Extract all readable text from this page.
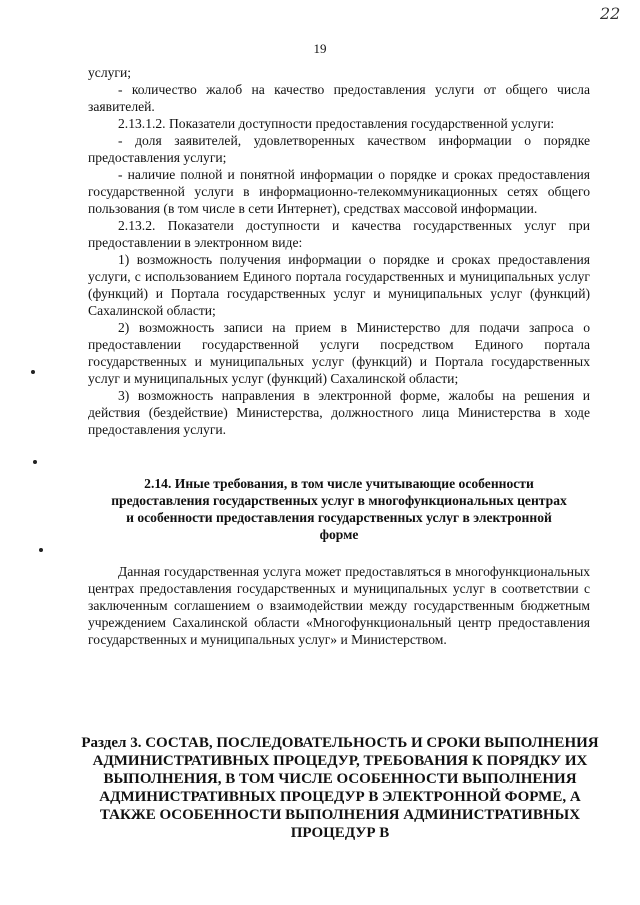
22
19

услуги;

- количество жалоб на качество предоставления услуги от общего числа заявителей.

2.13.1.2. Показатели доступности предоставления государственной услуги:

- доля заявителей, удовлетворенных качеством информации о порядке предоставления услуги;

- наличие полной и понятной информации о порядке и сроках предоставления государственной услуги в информационно-телекоммуникационных сетях общего пользования (в том числе в сети Интернет), средствах массовой информации.

2.13.2. Показатели доступности и качества государственных услуг при предоставлении в электронном виде:

1) возможность получения информации о порядке и сроках предоставления услуги, с использованием Единого портала государственных и муниципальных услуг (функций) и Портала государственных услуг и муниципальных услуг (функций) Сахалинской области;

2) возможность записи на прием в Министерство для подачи запроса о предоставлении государственной услуги посредством Единого портала государственных и муниципальных услуг (функций) и Портала государственных услуг и муниципальных услуг (функций) Сахалинской области;

3) возможность направления в электронной форме, жалобы на решения и действия (бездействие) Министерства, должностного лица Министерства в ходе предоставления услуги.

2.14. Иные требования, в том числе учитывающие особенности предоставления государственных услуг в многофункциональных центрах и особенности предоставления государственных услуг в электронной форме

Данная государственная услуга может предоставляться в многофункциональных центрах предоставления государственных и муниципальных услуг в соответствии с заключенным соглашением о взаимодействии между государственным бюджетным учреждением Сахалинской области «Многофункциональный центр предоставления государственных и муниципальных услуг» и Министерством.

Раздел 3. СОСТАВ, ПОСЛЕДОВАТЕЛЬНОСТЬ И СРОКИ ВЫПОЛНЕНИЯ АДМИНИСТРАТИВНЫХ ПРОЦЕДУР, ТРЕБОВАНИЯ К ПОРЯДКУ ИХ ВЫПОЛНЕНИЯ, В ТОМ ЧИСЛЕ ОСОБЕННОСТИ ВЫПОЛНЕНИЯ АДМИНИСТРАТИВНЫХ ПРОЦЕДУР В ЭЛЕКТРОННОЙ ФОРМЕ, А ТАКЖЕ ОСОБЕННОСТИ ВЫПОЛНЕНИЯ АДМИНИСТРАТИВНЫХ ПРОЦЕДУР В
